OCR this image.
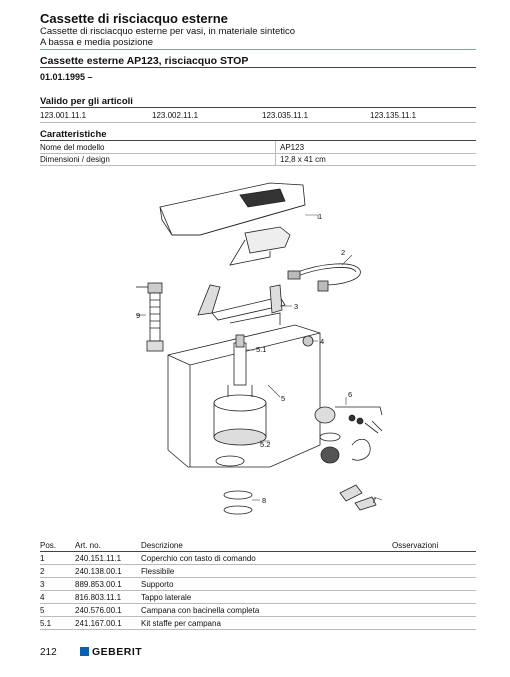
Cassette di risciacquo esterne
Cassette di risciacquo esterne per vasi, in materiale sintetico
A bassa e media posizione
Cassette esterne AP123, risciacquo STOP
01.01.1995 –
Valido per gli articoli
123.001.11.1	123.002.11.1	123.035.11.1	123.135.11.1
Caratteristiche
Nome del modello	AP123
Dimensioni / design	12,8 x 41 cm
1
2
3
4
5
5.1
5.2
6
7
8
9
Pos.	Art. no.	Descrizione	Osservazioni
1	240.151.11.1	Coperchio con tasto di comando	
2	240.138.00.1	Flessibile	
3	889.853.00.1	Supporto	
4	816.803.11.1	Tappo laterale	
5	240.576.00.1	Campana con bacinella completa	
5.1	241.167.00.1	Kit staffe per campana	
212	GEBERIT
